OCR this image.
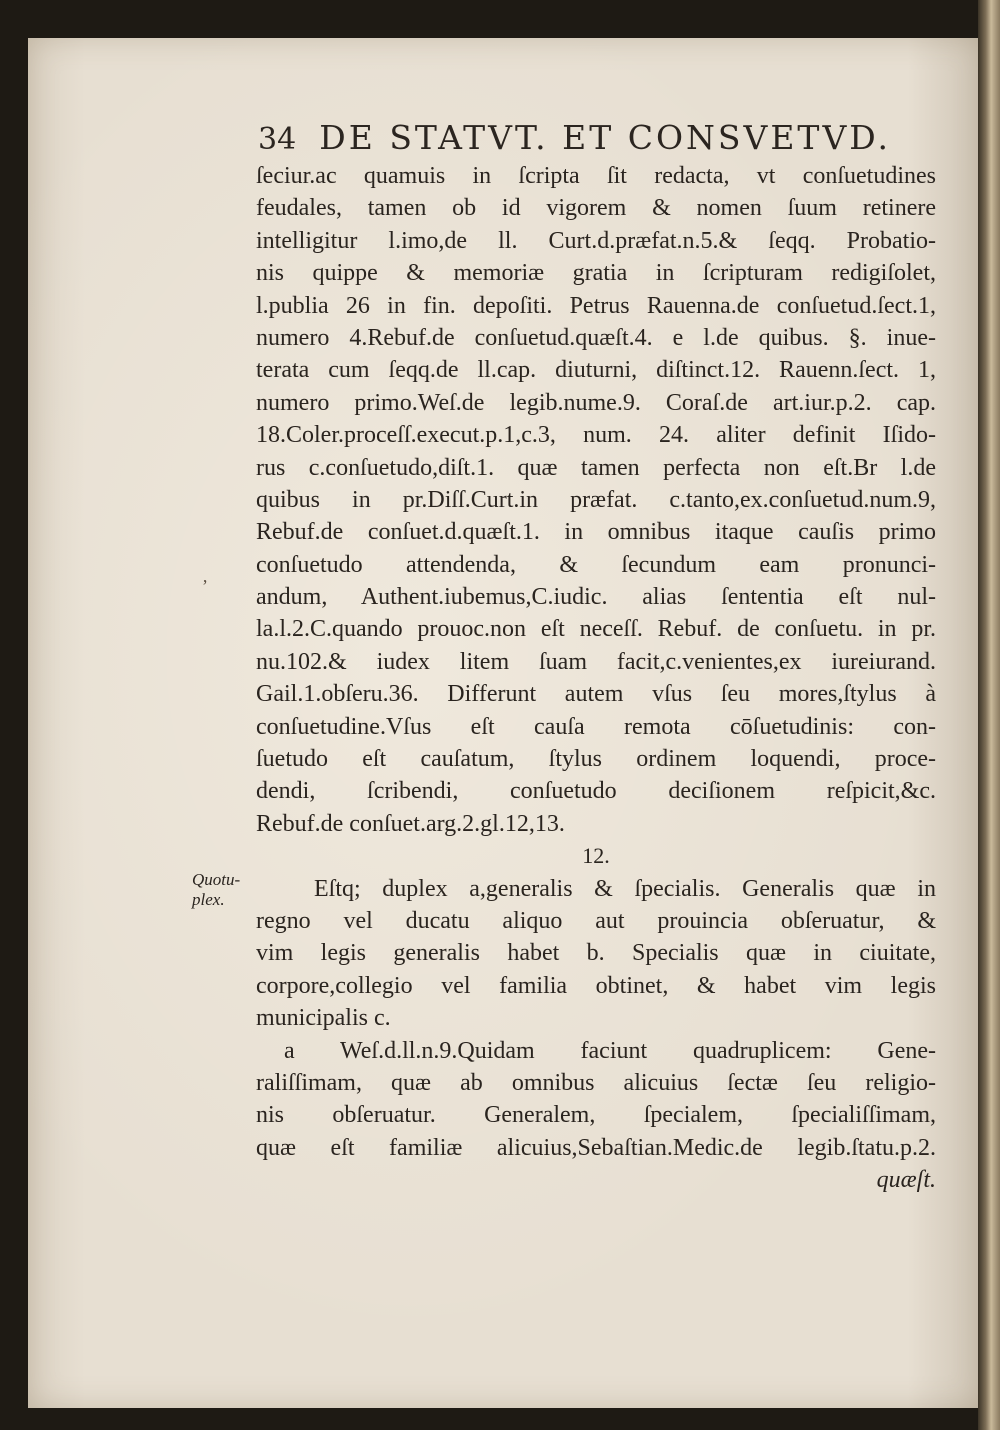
34 DE STATVT. ET CONSVETVD.
‚
Quotu-
plex.
ſeciur.ac quamuis in ſcripta ſit redacta, vt conſuetudines
feudales, tamen ob id vigorem & nomen ſuum retinere
intelligitur l.imo,de ll. Curt.d.præfat.n.5.& ſeqq. Probatio-
nis quippe & memoriæ gratia in ſcripturam redigiſolet,
l.publia 26 in fin. depoſiti. Petrus Rauenna.de conſuetud.ſect.1,
numero 4.Rebuf.de conſuetud.quæſt.4. e l.de quibus. §. inue-
terata cum ſeqq.de ll.cap. diuturni, diſtinct.12. Rauenn.ſect. 1,
numero primo.Weſ.de legib.nume.9. Coraſ.de art.iur.p.2. cap.
18.Coler.proceſſ.execut.p.1,c.3, num. 24. aliter definit Iſido-
rus c.conſuetudo,diſt.1. quæ tamen perfecta non eſt.Br l.de
quibus in pr.Diſſ.Curt.in præfat. c.tanto,ex.conſuetud.num.9,
Rebuf.de conſuet.d.quæſt.1. in omnibus itaque cauſis primo
conſuetudo attendenda, & ſecundum eam pronunci-
andum, Authent.iubemus,C.iudic. alias ſententia eſt nul-
la.l.2.C.quando prouoc.non eſt neceſſ. Rebuf. de conſuetu. in pr.
nu.102.& iudex litem ſuam facit,c.venientes,ex iureiurand.
Gail.1.obſeru.36. Differunt autem vſus ſeu mores,ſtylus à
conſuetudine.Vſus eſt cauſa remota cōſuetudinis: con-
ſuetudo eſt cauſatum, ſtylus ordinem loquendi, proce-
dendi, ſcribendi, conſuetudo deciſionem reſpicit,&c.
Rebuf.de conſuet.arg.2.gl.12,13.
12.
Eſtq; duplex a,generalis & ſpecialis. Generalis quæ in
regno vel ducatu aliquo aut prouincia obſeruatur, &
vim legis generalis habet b. Specialis quæ in ciuitate,
corpore,collegio vel familia obtinet, & habet vim legis
municipalis c.
a Weſ.d.ll.n.9.Quidam faciunt quadruplicem: Gene-
raliſſimam, quæ ab omnibus alicuius ſectæ ſeu religio-
nis obſeruatur. Generalem, ſpecialem, ſpecialiſſimam,
quæ eſt familiæ alicuius,Sebaſtian.Medic.de legib.ſtatu.p.2.
quæſt.
